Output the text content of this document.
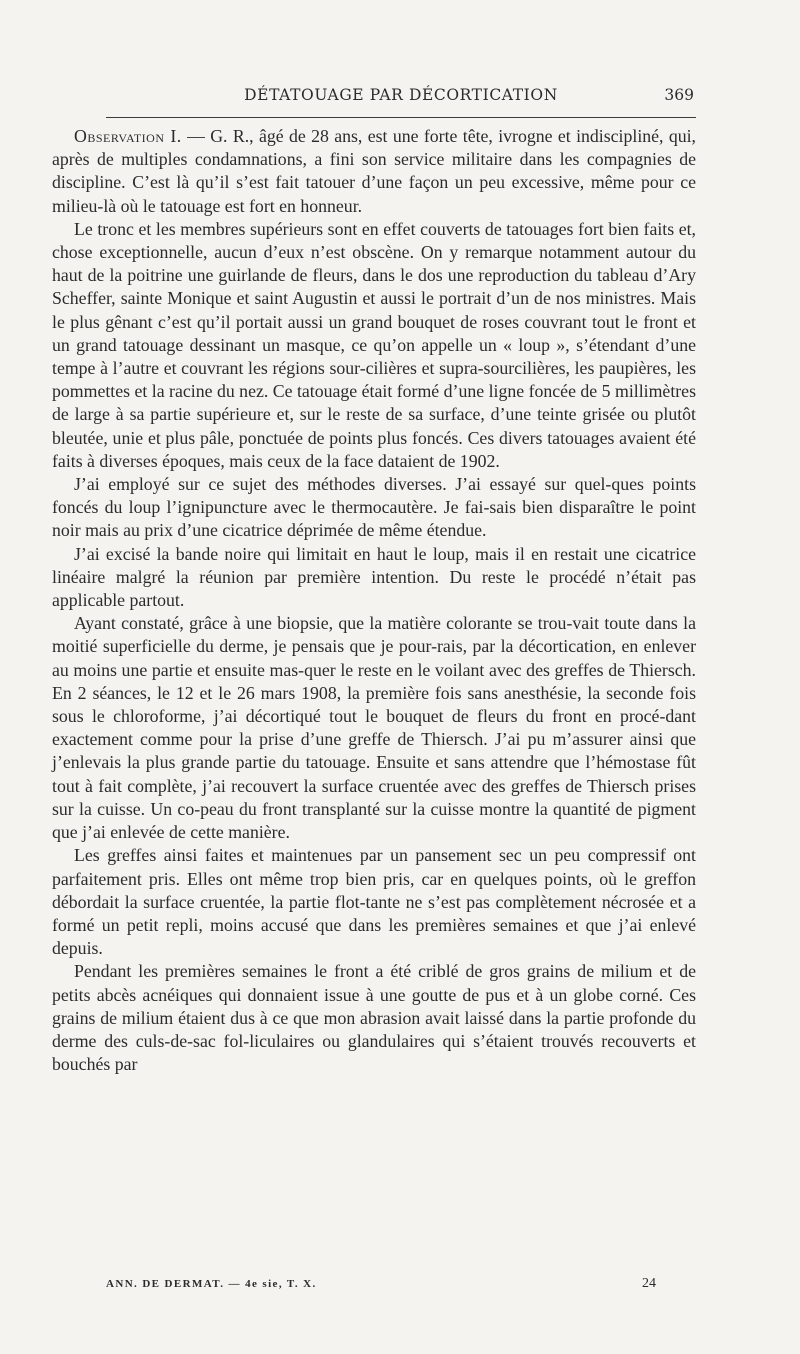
DÉTATOUAGE PAR DÉCORTICATION	369

Observation I. — G. R., âgé de 28 ans, est une forte tête, ivrogne et indiscipliné, qui, après de multiples condamnations, a fini son service militaire dans les compagnies de discipline. C’est là qu’il s’est fait tatouer d’une façon un peu excessive, même pour ce milieu-là où le tatouage est fort en honneur.

Le tronc et les membres supérieurs sont en effet couverts de tatouages fort bien faits et, chose exceptionnelle, aucun d’eux n’est obscène. On y remarque notamment autour du haut de la poitrine une guirlande de fleurs, dans le dos une reproduction du tableau d’Ary Scheffer, sainte Monique et saint Augustin et aussi le portrait d’un de nos ministres. Mais le plus gênant c’est qu’il portait aussi un grand bouquet de roses couvrant tout le front et un grand tatouage dessinant un masque, ce qu’on appelle un « loup », s’étendant d’une tempe à l’autre et couvrant les régions sour-cilières et supra-sourcilières, les paupières, les pommettes et la racine du nez. Ce tatouage était formé d’une ligne foncée de 5 millimètres de large à sa partie supérieure et, sur le reste de sa surface, d’une teinte grisée ou plutôt bleutée, unie et plus pâle, ponctuée de points plus foncés. Ces divers tatouages avaient été faits à diverses époques, mais ceux de la face dataient de 1902.

J’ai employé sur ce sujet des méthodes diverses. J’ai essayé sur quel-ques points foncés du loup l’ignipuncture avec le thermocautère. Je fai-sais bien disparaître le point noir mais au prix d’une cicatrice déprimée de même étendue.

J’ai excisé la bande noire qui limitait en haut le loup, mais il en restait une cicatrice linéaire malgré la réunion par première intention. Du reste le procédé n’était pas applicable partout.

Ayant constaté, grâce à une biopsie, que la matière colorante se trou-vait toute dans la moitié superficielle du derme, je pensais que je pour-rais, par la décortication, en enlever au moins une partie et ensuite mas-quer le reste en le voilant avec des greffes de Thiersch. En 2 séances, le 12 et le 26 mars 1908, la première fois sans anesthésie, la seconde fois sous le chloroforme, j’ai décortiqué tout le bouquet de fleurs du front en procé-dant exactement comme pour la prise d’une greffe de Thiersch. J’ai pu m’assurer ainsi que j’enlevais la plus grande partie du tatouage. Ensuite et sans attendre que l’hémostase fût tout à fait complète, j’ai recouvert la surface cruentée avec des greffes de Thiersch prises sur la cuisse. Un co-peau du front transplanté sur la cuisse montre la quantité de pigment que j’ai enlevée de cette manière.

Les greffes ainsi faites et maintenues par un pansement sec un peu compressif ont parfaitement pris. Elles ont même trop bien pris, car en quelques points, où le greffon débordait la surface cruentée, la partie flot-tante ne s’est pas complètement nécrosée et a formé un petit repli, moins accusé que dans les premières semaines et que j’ai enlevé depuis.

Pendant les premières semaines le front a été criblé de gros grains de milium et de petits abcès acnéiques qui donnaient issue à une goutte de pus et à un globe corné. Ces grains de milium étaient dus à ce que mon abrasion avait laissé dans la partie profonde du derme des culs-de-sac fol-liculaires ou glandulaires qui s’étaient trouvés recouverts et bouchés par

ANN. DE DERMAT. — 4e sie, T. X.	24
